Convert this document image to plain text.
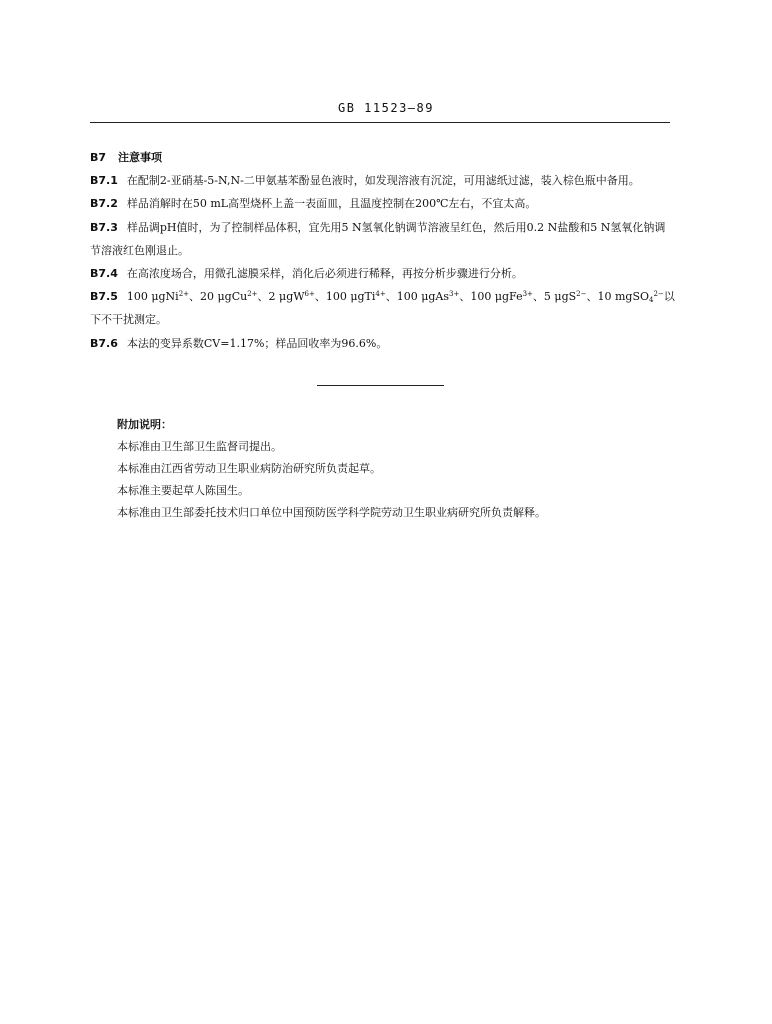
GB 11523—89
B7 注意事项
B7.1 在配制2-亚硝基-5-N,N-二甲氨基苯酚显色液时，如发现溶液有沉淀，可用滤纸过滤，装入棕色瓶中备用。
B7.2 样品消解时在50 mL高型烧杯上盖一表面皿，且温度控制在200℃左右，不宜太高。
B7.3 样品调pH值时，为了控制样品体积，宜先用5 N氢氧化钠调节溶液呈红色，然后用0.2 N盐酸和5 N氢氧化钠调节溶液红色刚退止。
B7.4 在高浓度场合，用微孔滤膜采样，消化后必须进行稀释，再按分析步骤进行分析。
B7.5 100 μgNi$^{2+}$、20 μgCu$^{2+}$、2 μgW$^{6+}$、100 μgTi$^{4+}$、100 μgAs$^{3+}$、100 μgFe$^{3+}$、5 μgS$^{2-}$、10 mgSO$_4^{2-}$以下不干扰测定。
B7.6 本法的变异系数CV=1.17%；样品回收率为96.6%。
附加说明：
本标准由卫生部卫生监督司提出。
本标准由江西省劳动卫生职业病防治研究所负责起草。
本标准主要起草人陈国生。
本标准由卫生部委托技术归口单位中国预防医学科学院劳动卫生职业病研究所负责解释。
